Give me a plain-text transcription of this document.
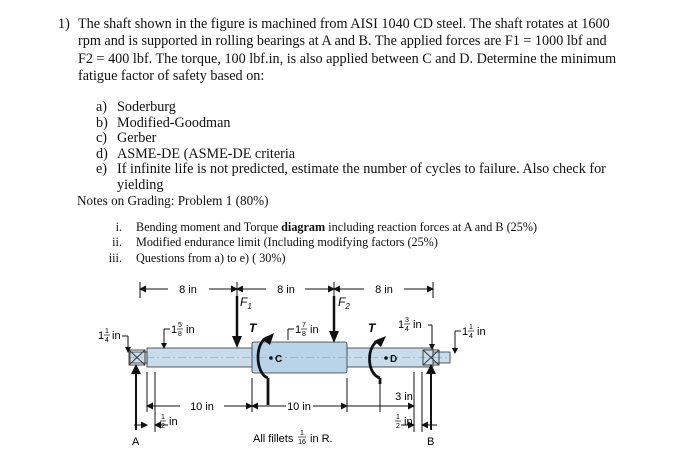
1) The shaft shown in the figure is machined from AISI 1040 CD steel. The shaft rotates at 1600 rpm and is supported in rolling bearings at A and B. The applied forces are F1 = 1000 lbf and F2 = 400 lbf. The torque, 100 lbf.in, is also applied between C and D. Determine the minimum fatigue factor of safety based on:
a) Soderburg
b) Modified-Goodman
c) Gerber
d) ASME-DE (ASME-DE criteria
e) If infinite life is not predicted, estimate the number of cycles to failure. Also check for yielding
Notes on Grading: Problem 1 (80%)
i. Bending moment and Torque diagram including reaction forces at A and B (25%)
ii. Modified endurance limit (Including modifying factors (25%)
iii. Questions from a) to e) ( 30%)
8 in	8 in	8 in
A	B
$F_1$	$F_2$
T
C
T
D
1 1
4 in	1 5
8 in	1 7
8 in	1 3
4 in
1 1
4 in
10 in	10 in
3 in
1
2 in	1
2 in
All fillets 1
16 in R.
